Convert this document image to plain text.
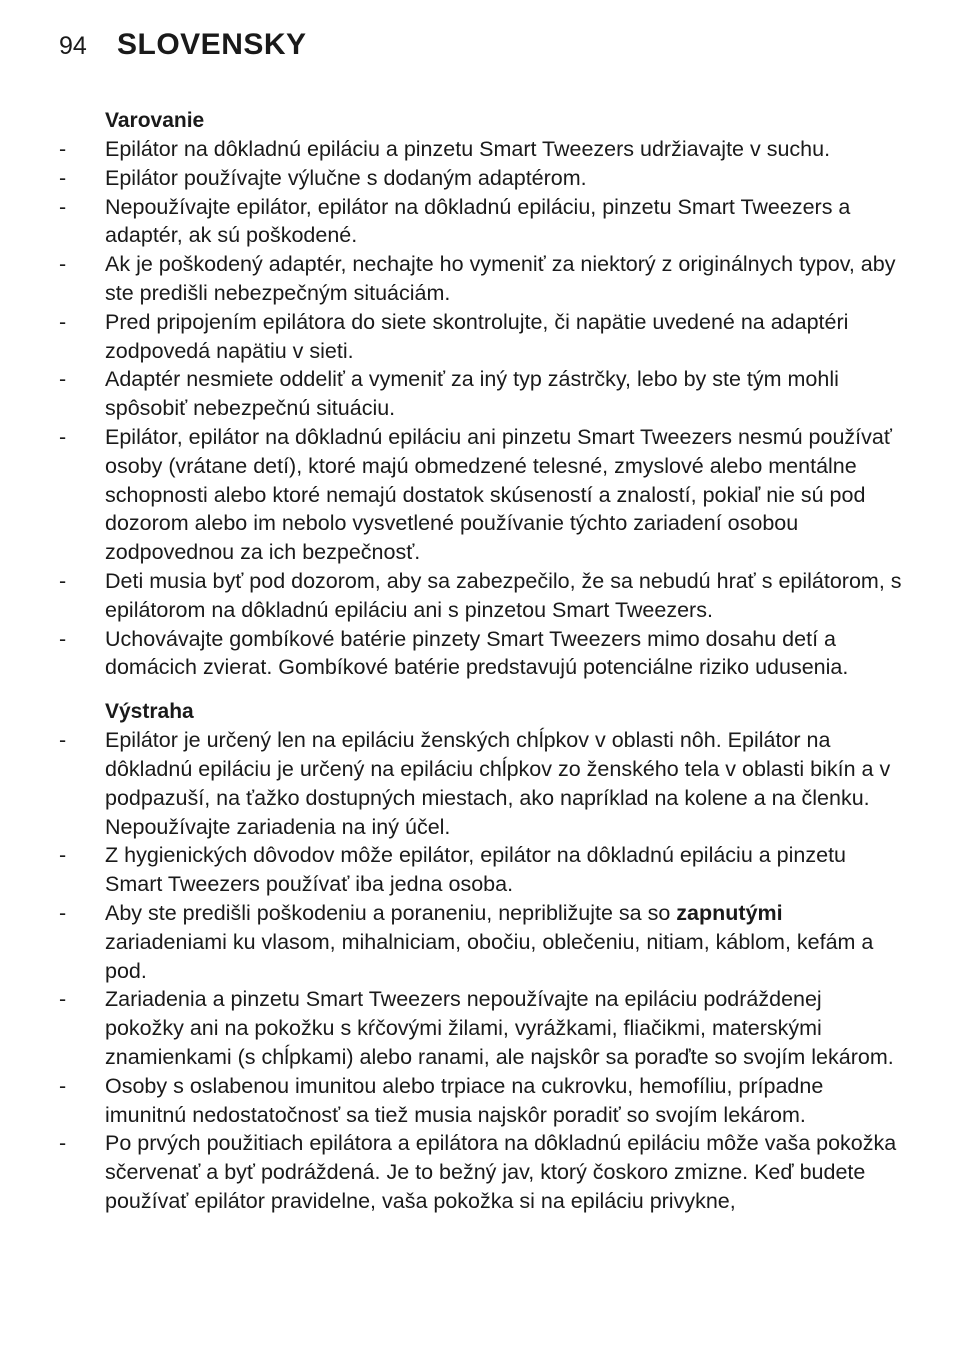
94	SLOVENSKY
Varovanie
- Epilátor na dôkladnú epiláciu a pinzetu Smart Tweezers udržiavajte v suchu.
- Epilátor používajte výlučne s dodaným adaptérom.
- Nepoužívajte epilátor, epilátor na dôkladnú epiláciu, pinzetu Smart Tweezers a adaptér, ak sú poškodené.
- Ak je poškodený adaptér, nechajte ho vymeniť za niektorý z originálnych typov, aby ste predišli nebezpečným situáciám.
- Pred pripojením epilátora do siete skontrolujte, či napätie uvedené na adaptéri zodpovedá napätiu v sieti.
- Adaptér nesmiete oddeliť a vymeniť za iný typ zástrčky, lebo by ste tým mohli spôsobiť nebezpečnú situáciu.
- Epilátor, epilátor na dôkladnú epiláciu ani pinzetu Smart Tweezers nesmú používať osoby (vrátane detí), ktoré majú obmedzené telesné, zmyslové alebo mentálne schopnosti alebo ktoré nemajú dostatok skúseností a znalostí, pokiaľ nie sú pod dozorom alebo im nebolo vysvetlené používanie týchto zariadení osobou zodpovednou za ich bezpečnosť.
- Deti musia byť pod dozorom, aby sa zabezpečilo, že sa nebudú hrať s epilátorom, s epilátorom na dôkladnú epiláciu ani s pinzetou Smart Tweezers.
- Uchovávajte gombíkové batérie pinzety Smart Tweezers mimo dosahu detí a domácich zvierat. Gombíkové batérie predstavujú potenciálne riziko udusenia.
Výstraha
- Epilátor je určený len na epiláciu ženských chĺpkov v oblasti nôh. Epilátor na dôkladnú epiláciu je určený na epiláciu chĺpkov zo ženského tela v oblasti bikín a v podpazuší, na ťažko dostupných miestach, ako napríklad na kolene a na členku. Nepoužívajte zariadenia na iný účel.
- Z hygienických dôvodov môže epilátor, epilátor na dôkladnú epiláciu a pinzetu Smart Tweezers používať iba jedna osoba.
- Aby ste predišli poškodeniu a poraneniu, nepribližujte sa so zapnutými zariadeniami ku vlasom, mihalniciam, obočiu, oblečeniu, nitiam, káblom, kefám a pod.
- Zariadenia a pinzetu Smart Tweezers nepoužívajte na epiláciu podráždenej pokožky ani na pokožku s kŕčovými žilami, vyrážkami, fliačikmi, materskými znamienkami (s chĺpkami) alebo ranami, ale najskôr sa poraďte so svojím lekárom.
- Osoby s oslabenou imunitou alebo trpiace na cukrovku, hemofíliu, prípadne imunitnú nedostatočnosť sa tiež musia najskôr poradiť so svojím lekárom.
- Po prvých použitiach epilátora a epilátora na dôkladnú epiláciu môže vaša pokožka sčervenať a byť podráždená. Je to bežný jav, ktorý čoskoro zmizne. Keď budete používať epilátor pravidelne, vaša pokožka si na epiláciu privykne,
